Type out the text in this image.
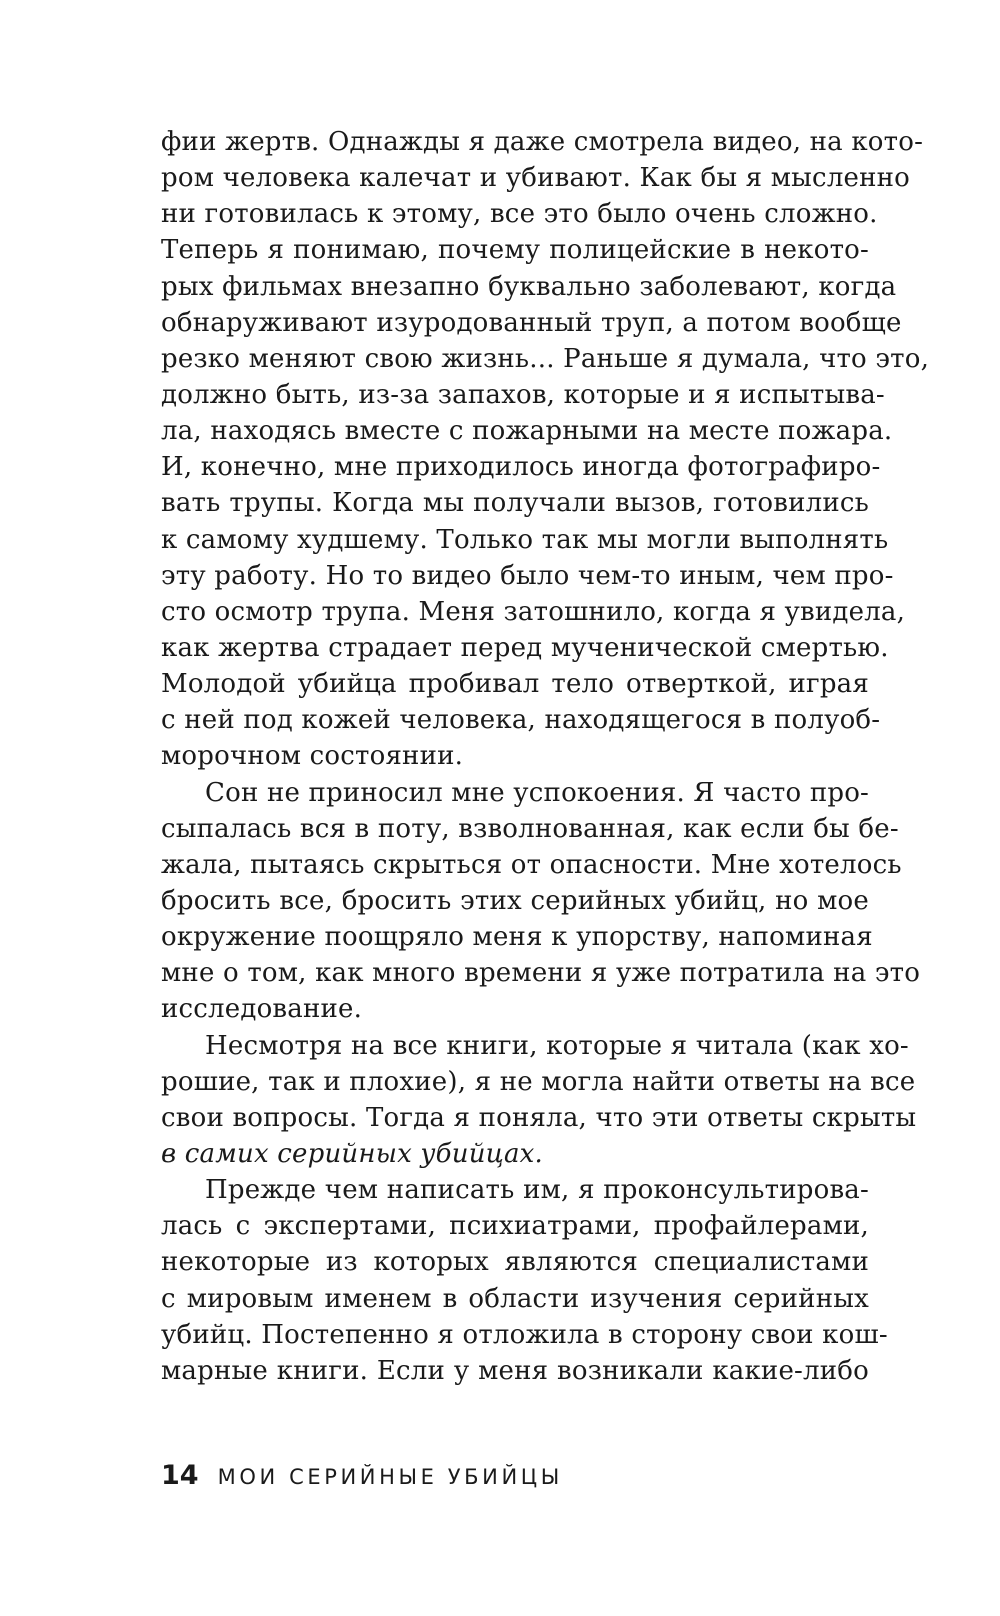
фии жертв. Однажды я даже смотрела видео, на кото-
ром человека калечат и убивают. Как бы я мысленно
ни готовилась к этому, все это было очень сложно.
Теперь я понимаю, почему полицейские в некото-
рых фильмах внезапно буквально заболевают, когда
обнаруживают изуродованный труп, а потом вообще
резко меняют свою жизнь... Раньше я думала, что это,
должно быть, из-за запахов, которые и я испытыва-
ла, находясь вместе с пожарными на месте пожара.
И, конечно, мне приходилось иногда фотографиро-
вать трупы. Когда мы получали вызов, готовились
к самому худшему. Только так мы могли выполнять
эту работу. Но то видео было чем-то иным, чем про-
сто осмотр трупа. Меня затошнило, когда я увидела,
как жертва страдает перед мученической смертью.
Молодой убийца пробивал тело отверткой, играя
с ней под кожей человека, находящегося в полуоб-
морочном состоянии.
Сон не приносил мне успокоения. Я часто про-
сыпалась вся в поту, взволнованная, как если бы бе-
жала, пытаясь скрыться от опасности. Мне хотелось
бросить все, бросить этих серийных убийц, но мое
окружение поощряло меня к упорству, напоминая
мне о том, как много времени я уже потратила на это
исследование.
Несмотря на все книги, которые я читала (как хо-
рошие, так и плохие), я не могла найти ответы на все
свои вопросы. Тогда я поняла, что эти ответы скрыты
в самих серийных убийцах.
Прежде чем написать им, я проконсультирова-
лась с экспертами, психиатрами, профайлерами,
некоторые из которых являются специалистами
с мировым именем в области изучения серийных
убийц. Постепенно я отложила в сторону свои кош-
марные книги. Если у меня возникали какие-либо
14 МОИ СЕРИЙНЫЕ УБИЙЦЫ
